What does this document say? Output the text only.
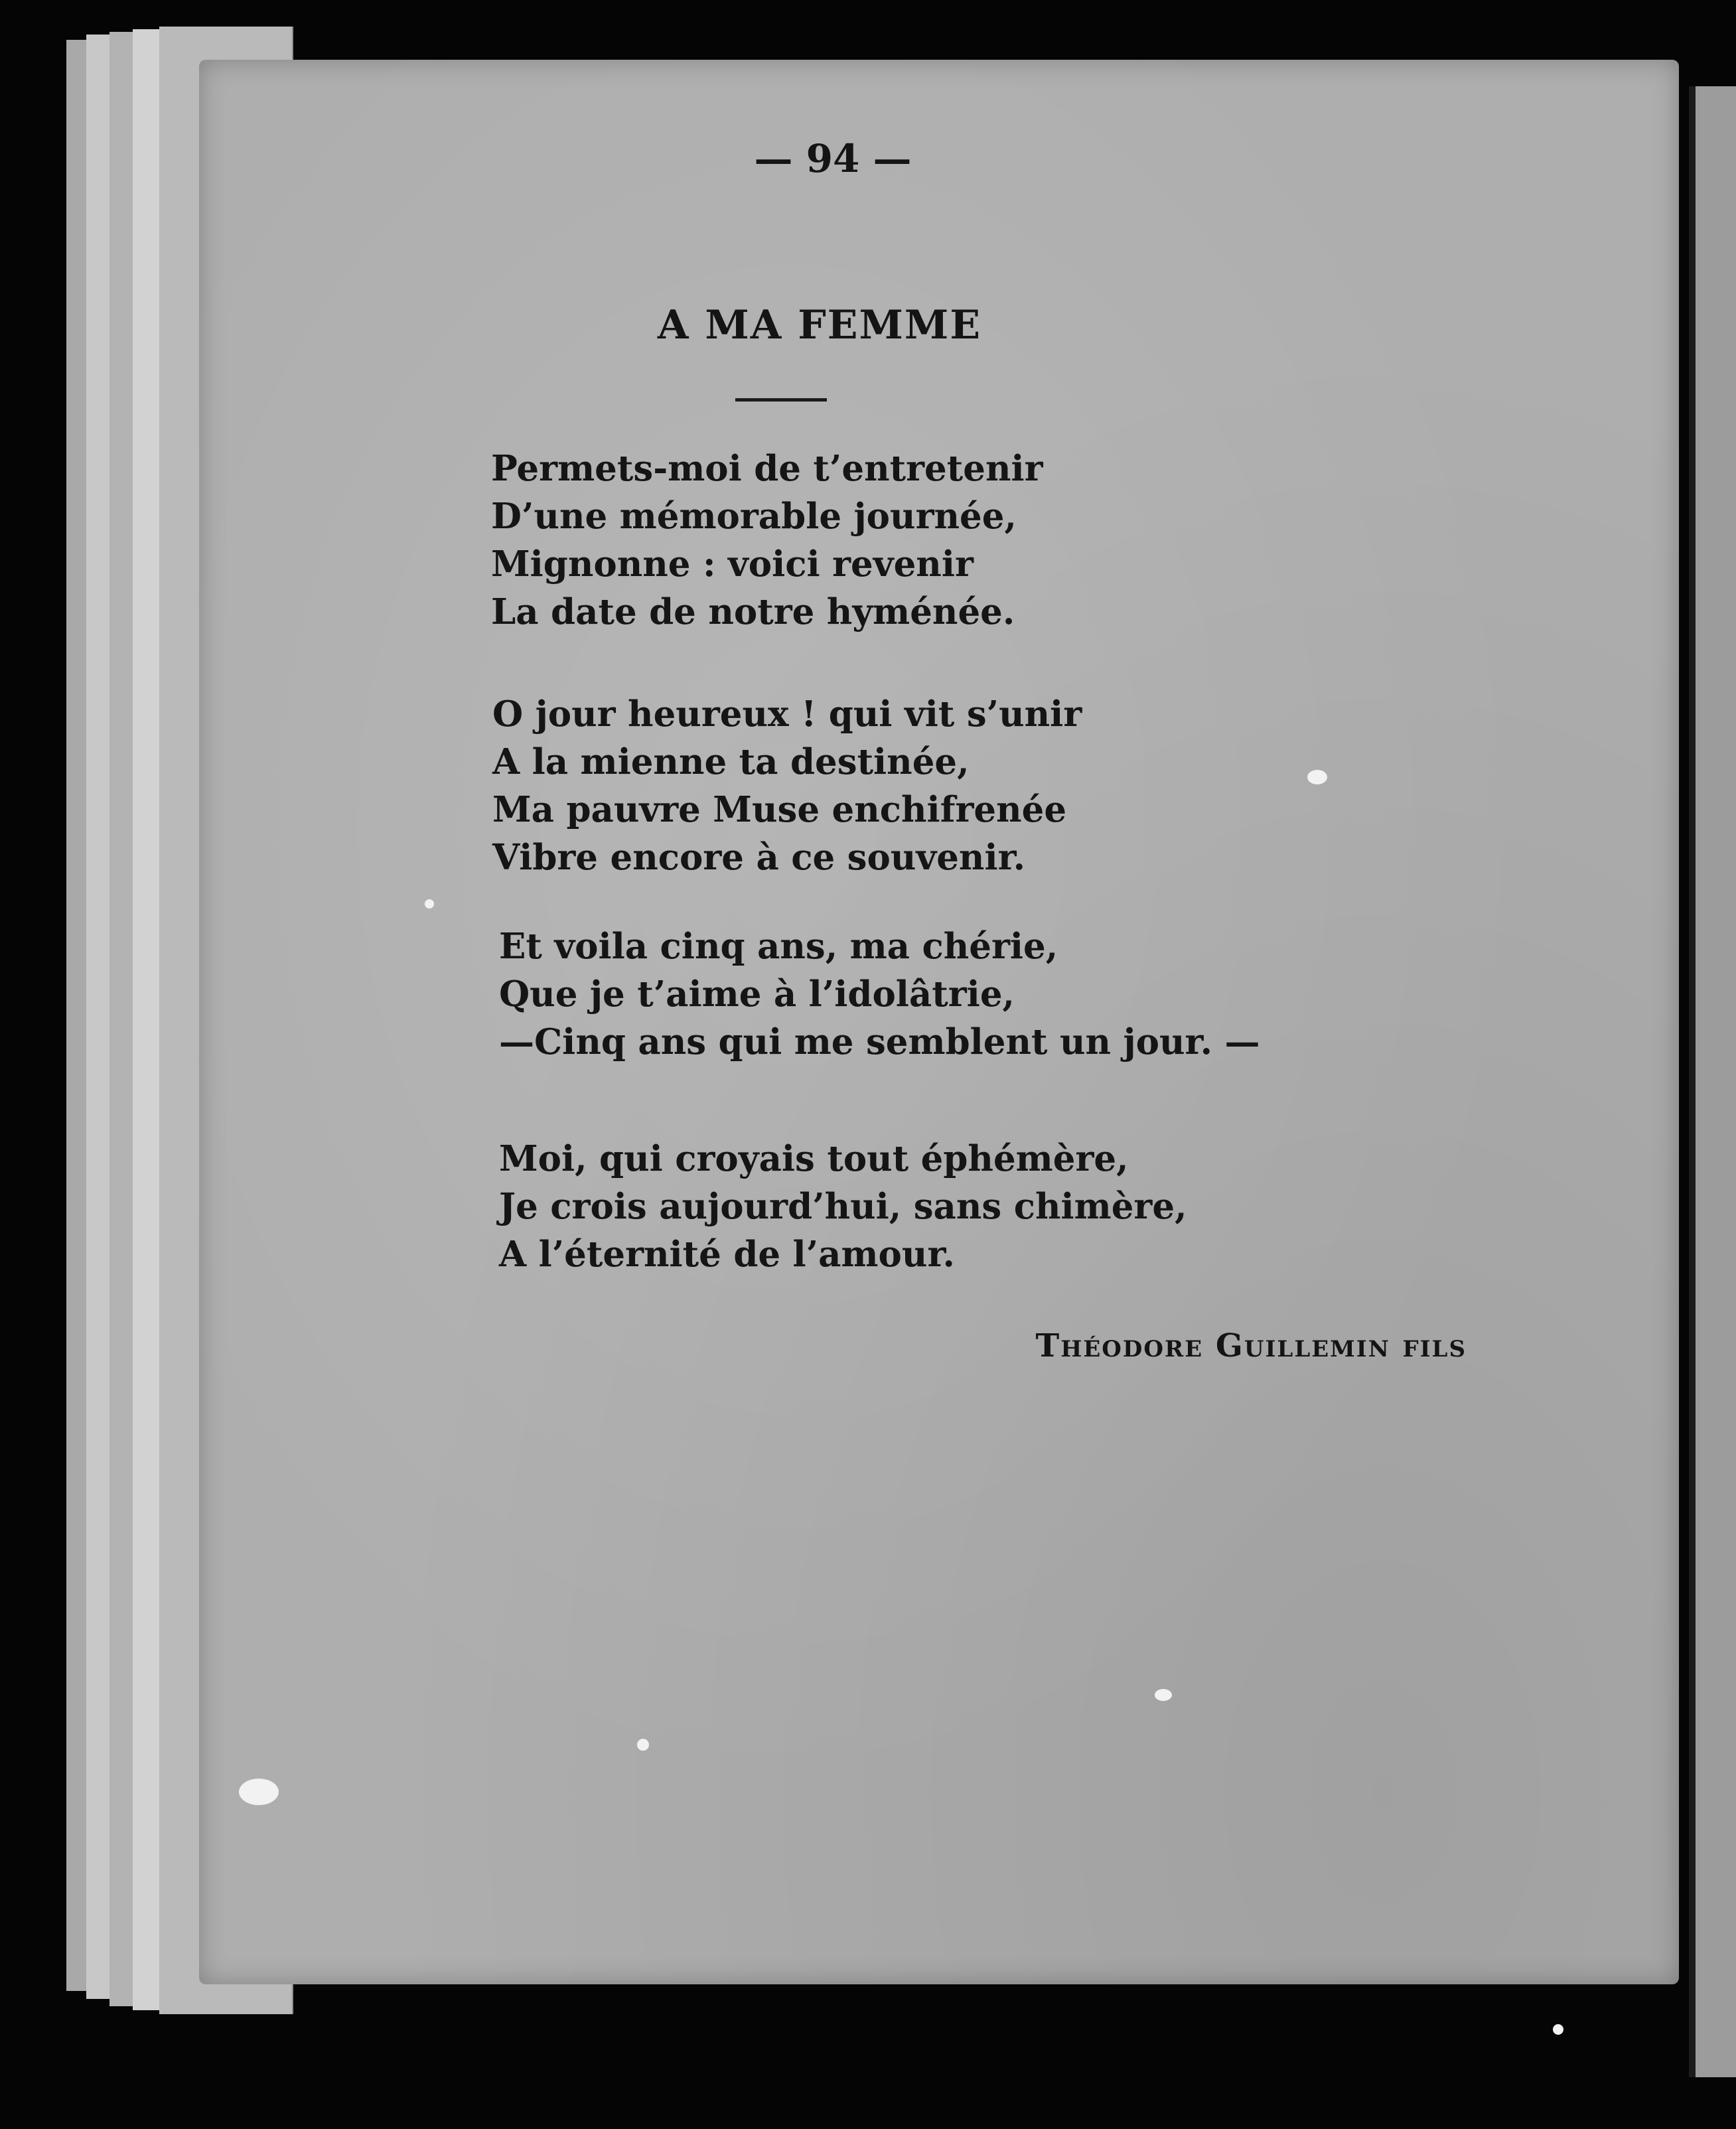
— 94 —
A MA FEMME
Permets-moi de t’entretenir
D’une mémorable journée,
Mignonne : voici revenir
La date de notre hyménée.
O jour heureux ! qui vit s’unir
A la mienne ta destinée,
Ma pauvre Muse enchifrenée
Vibre encore à ce souvenir.
Et voila cinq ans, ma chérie,
Que je t’aime à l’idolâtrie,
—Cinq ans qui me semblent un jour. —
Moi, qui croyais tout éphémère,
Je crois aujourd’hui, sans chimère,
A l’éternité de l’amour.
Théodore Guillemin fils
